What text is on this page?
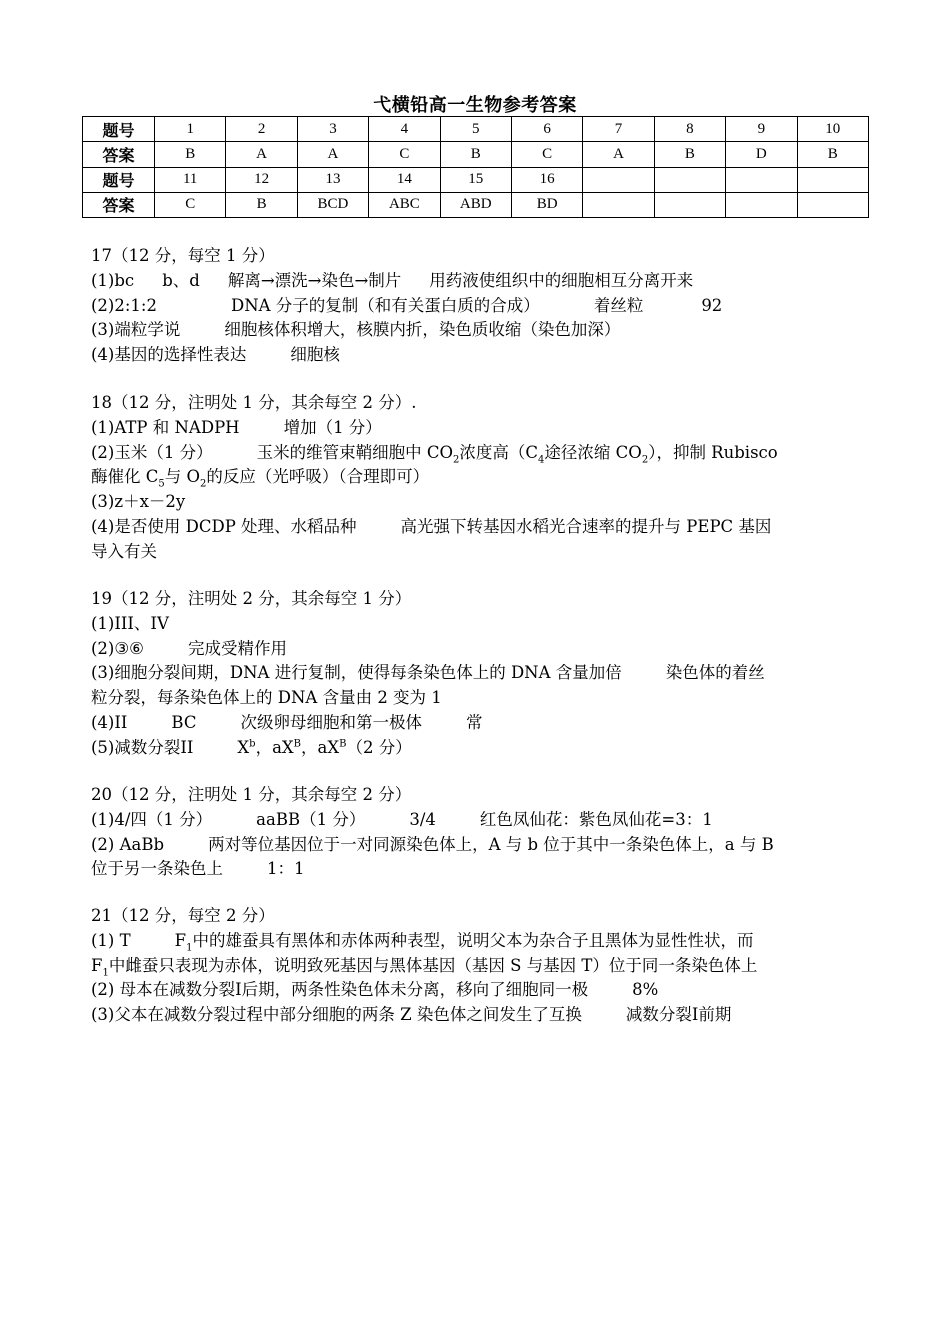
弋横铅高一生物参考答案
题号	1	2	3	4	5	6	7	8	9	10
答案	B	A	A	C	B	C	A	B	D	B
题号	11	12	13	14	15	16				
答案	C	B	BCD	ABC	ABD	BD				
17（12 分，每空 1 分）
(1)bc b、d 解离→漂洗→染色→制片 用药液使组织中的细胞相互分离开来
(2)2:1:2	DNA 分子的复制（和有关蛋白质的合成）	着丝粒	92
(3)端粒学说	细胞核体积增大，核膜内折，染色质收缩（染色加深）
(4)基因的选择性表达	细胞核
18（12 分，注明处 1 分，其余每空 2 分）.
(1)ATP 和 NADPH	增加（1 分）
(2)玉米（1 分）	玉米的维管束鞘细胞中 $CO_2$浓度高（$C_4$途径浓缩 $CO_2$），抑制 Rubisco
酶催化 $C_5$与 $O_2$的反应（光呼吸）（合理即可）
(3)z＋x－2y
(4)是否使用 DCDP 处理、水稻品种	高光强下转基因水稻光合速率的提升与 PEPC 基因
导入有关
19（12 分，注明处 2 分，其余每空 1 分）
(1)III、IV
(2)③⑥	完成受精作用
(3)细胞分裂间期，DNA 进行复制，使得每条染色体上的 DNA 含量加倍	染色体的着丝
粒分裂，每条染色体上的 DNA 含量由 2 变为 1
(4)II	BC	次级卵母细胞和第一极体	常
(5)减数分裂II	$X^b$，$aX^B$，$aX^B(2$ 分）
20（12 分，注明处 1 分，其余每空 2 分）
(1)4/四（1 分）	aaBB（1 分）	3/4	红色凤仙花：紫色凤仙花=3：1
(2) AaBb	两对等位基因位于一对同源染色体上，A 与 b 位于其中一条染色体上，a 与 B
位于另一条染色上	1：1
21（12 分，每空 2 分）
(1) T	$F_1$中的雄蚕具有黑体和赤体两种表型，说明父本为杂合子且黑体为显性性状，而
$F_1$中雌蚕只表现为赤体，说明致死基因与黑体基因（基因 S 与基因 T）位于同一条染色体上
(2) 母本在减数分裂Ⅰ后期，两条性染色体未分离，移向了细胞同一极	8%
(3)父本在减数分裂过程中部分细胞的两条 Z 染色体之间发生了互换	减数分裂Ⅰ前期
